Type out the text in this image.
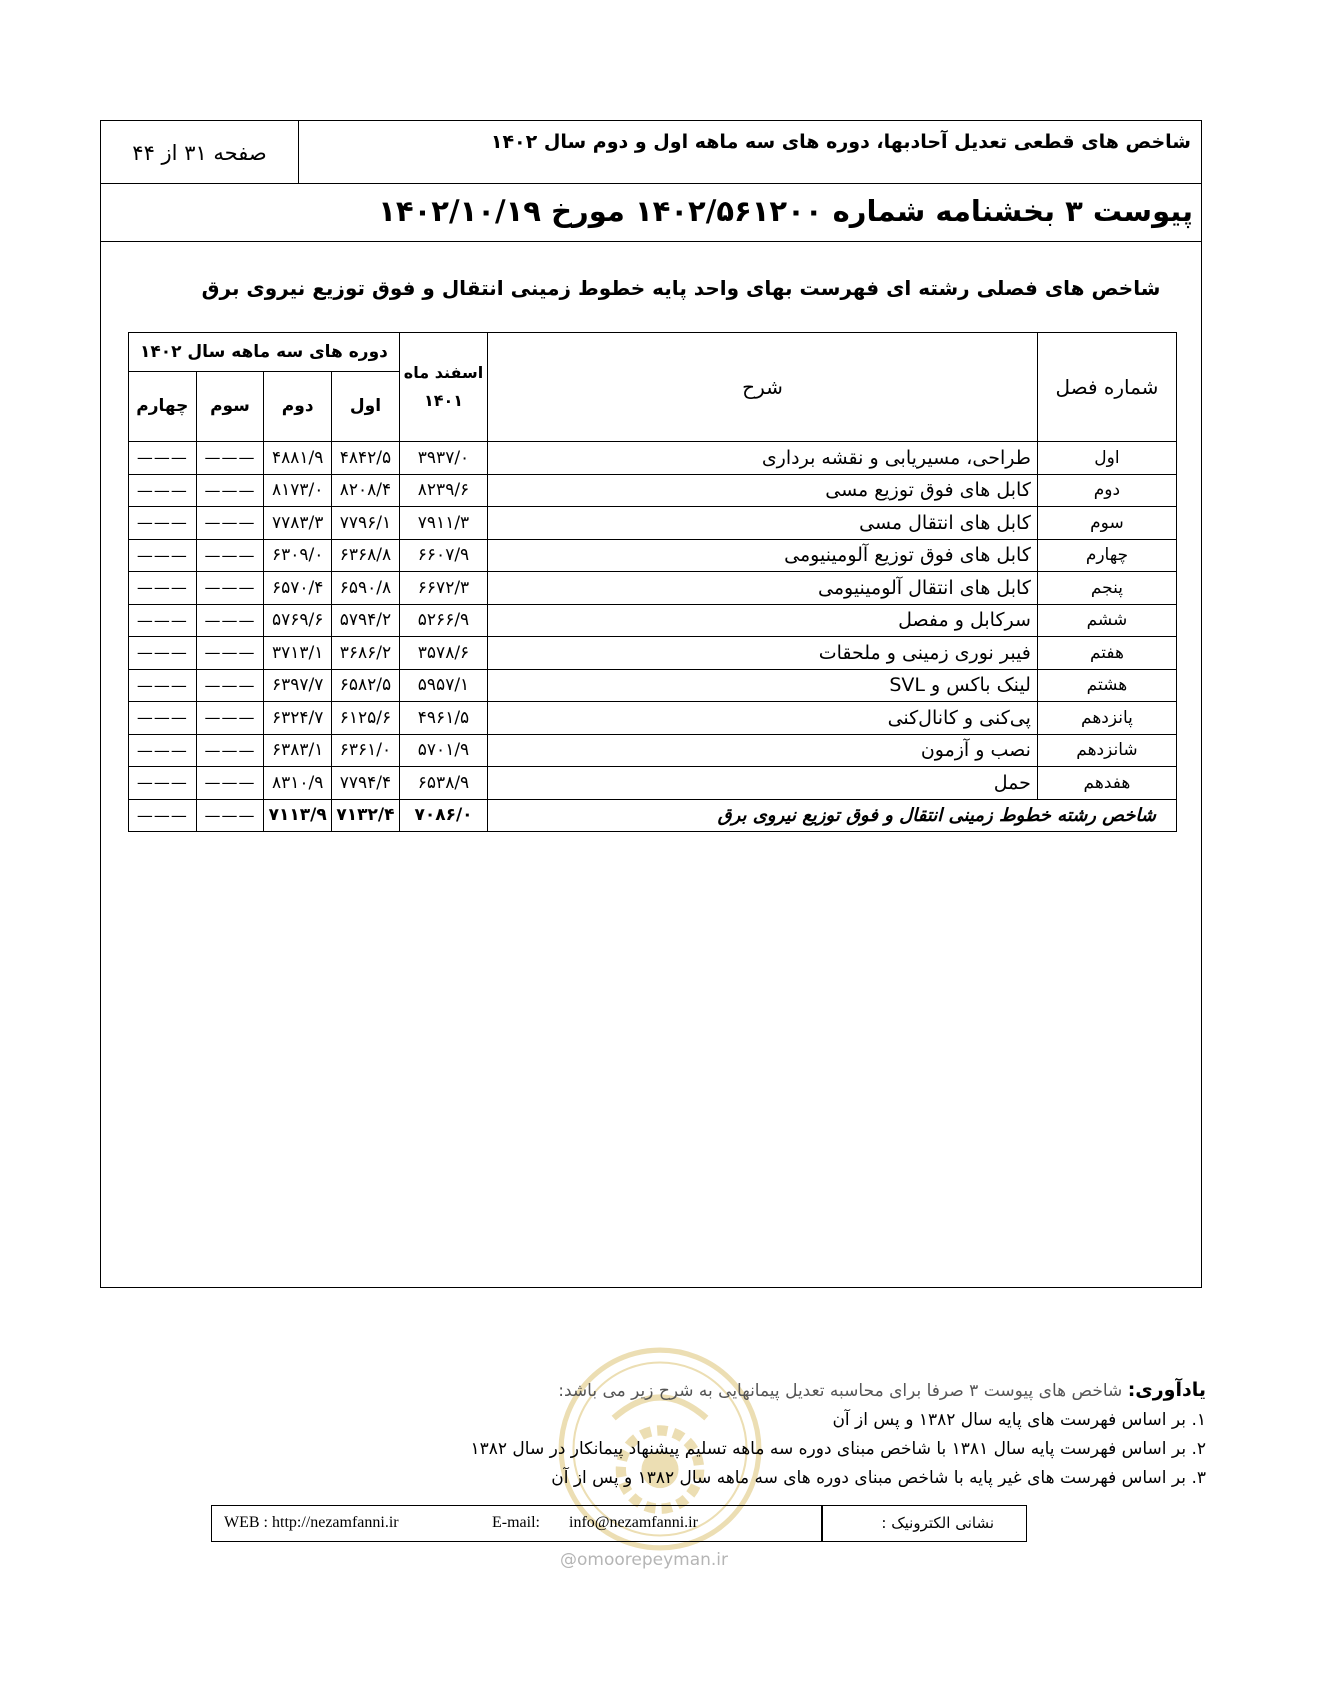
شاخص های قطعی تعدیل آحادبها، دوره های سه ماهه اول و دوم سال ۱۴۰۲
صفحه ۳۱ از ۴۴
پیوست ۳ بخشنامه شماره ۱۴۰۲/۵۶۱۲۰۰ مورخ ۱۴۰۲/۱۰/۱۹
شاخص های فصلی رشته ای فهرست بهای واحد پایه خطوط زمینی انتقال و فوق توزیع نیروی برق
شماره فصل	شرح	اسفند ماه ۱۴۰۱	دوره های سه ماهه سال ۱۴۰۲			
			اول	دوم	سوم	چهارم
اول	طراحی، مسیریابی و نقشه برداری	۳۹۳۷/۰	۴۸۴۲/۵	۴۸۸۱/۹	———	———
دوم	کابل های فوق توزیع مسی	۸۲۳۹/۶	۸۲۰۸/۴	۸۱۷۳/۰	———	———
سوم	کابل های انتقال مسی	۷۹۱۱/۳	۷۷۹۶/۱	۷۷۸۳/۳	———	———
چهارم	کابل های فوق توزیع آلومینیومی	۶۶۰۷/۹	۶۳۶۸/۸	۶۳۰۹/۰	———	———
پنجم	کابل های انتقال آلومینیومی	۶۶۷۲/۳	۶۵۹۰/۸	۶۵۷۰/۴	———	———
ششم	سرکابل و مفصل	۵۲۶۶/۹	۵۷۹۴/۲	۵۷۶۹/۶	———	———
هفتم	فیبر نوری زمینی و ملحقات	۳۵۷۸/۶	۳۶۸۶/۲	۳۷۱۳/۱	———	———
هشتم	لینک باکس و SVL	۵۹۵۷/۱	۶۵۸۲/۵	۶۳۹۷/۷	———	———
پانزدهم	پی‌کنی و کانال‌کنی	۴۹۶۱/۵	۶۱۲۵/۶	۶۳۲۴/۷	———	———
شانزدهم	نصب و آزمون	۵۷۰۱/۹	۶۳۶۱/۰	۶۳۸۳/۱	———	———
هفدهم	حمل	۶۵۳۸/۹	۷۷۹۴/۴	۸۳۱۰/۹	———	———
شاخص رشته خطوط زمینی انتقال و فوق توزیع نیروی برق		۷۰۸۶/۰	۷۱۳۲/۴	۷۱۱۳/۹	———	———
یادآوری: شاخص های پیوست ۳ صرفا برای محاسبه تعدیل پیمانهایی به شرح زیر می باشد:
۱. بر اساس فهرست های پایه سال ۱۳۸۲ و پس از آن
۲. بر اساس فهرست پایه سال ۱۳۸۱ با شاخص مبنای دوره سه ماهه تسلیم پیشنهاد پیمانکار در سال ۱۳۸۲
۳. بر اساس فهرست های غیر پایه با شاخص مبنای دوره های سه ماهه سال ۱۳۸۲ و پس از آن
WEB : http://nezamfanni.ir	E-mail: info@nezamfanni.ir	نشانی الکترونیک :
@omoorepeyman.ir
